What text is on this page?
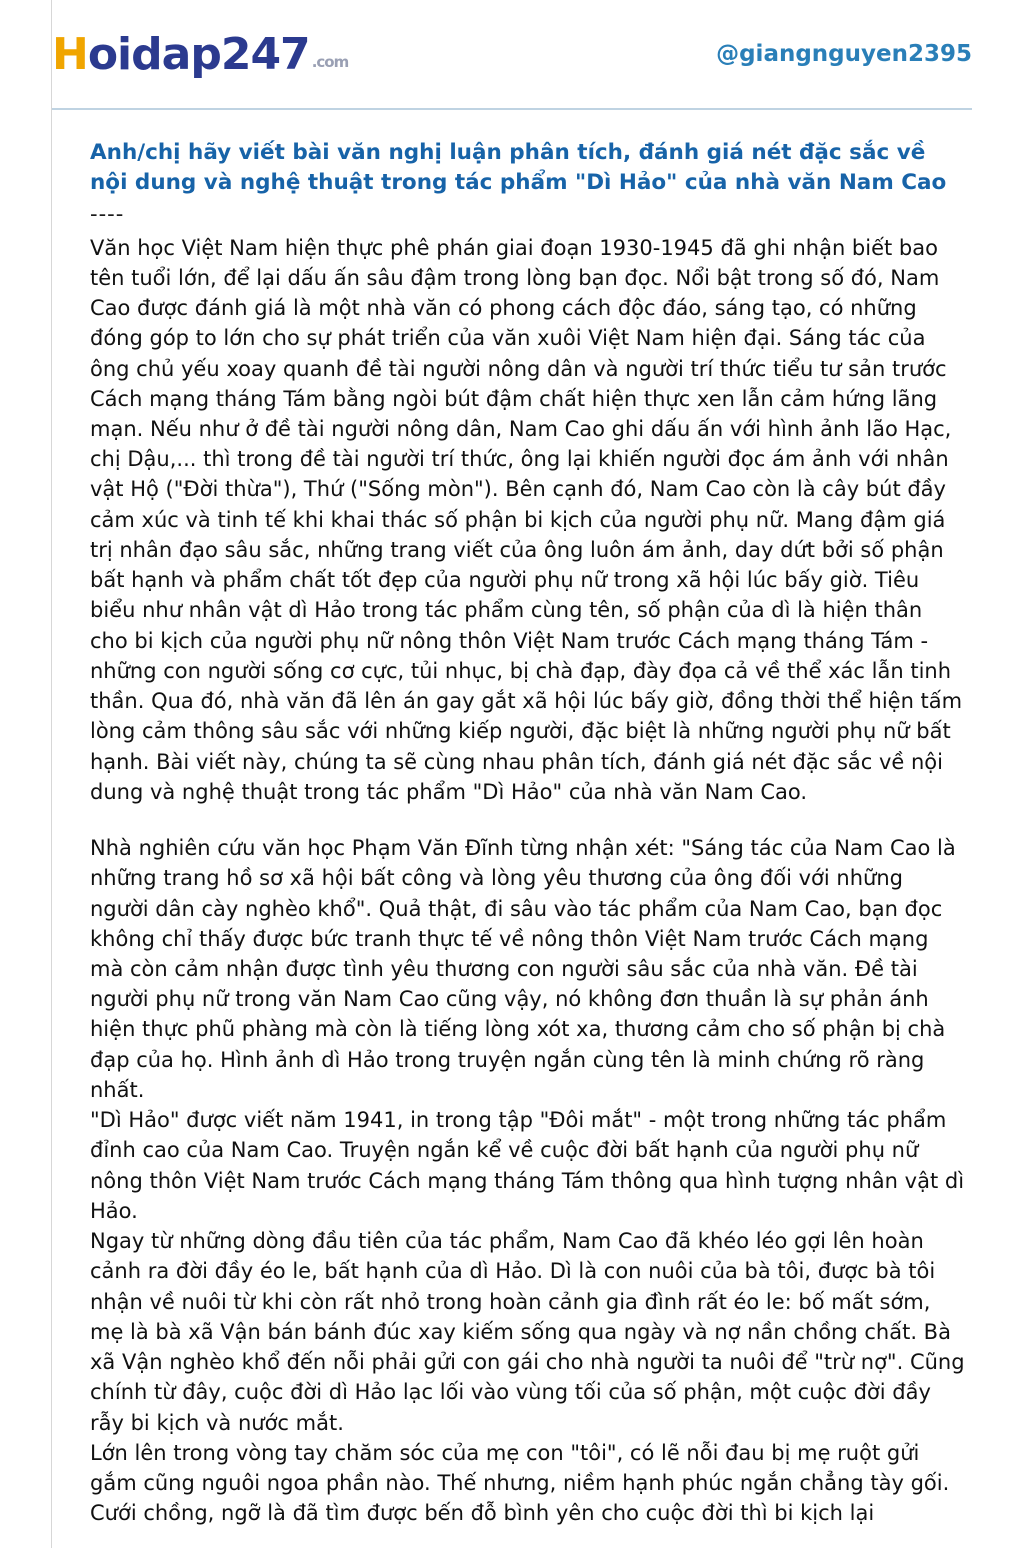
H oidap 247 .com	@giangnguyen2395
Anh/chị hãy viết bài văn nghị luận phân tích, đánh giá nét đặc sắc về nội dung và nghệ thuật trong tác phẩm "Dì Hảo" của nhà văn Nam Cao
----

Văn học Việt Nam hiện thực phê phán giai đoạn 1930-1945 đã ghi nhận biết bao tên tuổi lớn, để lại dấu ấn sâu đậm trong lòng bạn đọc. Nổi bật trong số đó, Nam Cao được đánh giá là một nhà văn có phong cách độc đáo, sáng tạo, có những đóng góp to lớn cho sự phát triển của văn xuôi Việt Nam hiện đại. Sáng tác của ông chủ yếu xoay quanh đề tài người nông dân và người trí thức tiểu tư sản trước Cách mạng tháng Tám bằng ngòi bút đậm chất hiện thực xen lẫn cảm hứng lãng mạn. Nếu như ở đề tài người nông dân, Nam Cao ghi dấu ấn với hình ảnh lão Hạc, chị Dậu,... thì trong đề tài người trí thức, ông lại khiến người đọc ám ảnh với nhân vật Hộ ("Đời thừa"), Thứ ("Sống mòn"). Bên cạnh đó, Nam Cao còn là cây bút đầy cảm xúc và tinh tế khi khai thác số phận bi kịch của người phụ nữ. Mang đậm giá trị nhân đạo sâu sắc, những trang viết của ông luôn ám ảnh, day dứt bởi số phận bất hạnh và phẩm chất tốt đẹp của người phụ nữ trong xã hội lúc bấy giờ. Tiêu biểu như nhân vật dì Hảo trong tác phẩm cùng tên, số phận của dì là hiện thân cho bi kịch của người phụ nữ nông thôn Việt Nam trước Cách mạng tháng Tám - những con người sống cơ cực, tủi nhục, bị chà đạp, đày đọa cả về thể xác lẫn tinh thần. Qua đó, nhà văn đã lên án gay gắt xã hội lúc bấy giờ, đồng thời thể hiện tấm lòng cảm thông sâu sắc với những kiếp người, đặc biệt là những người phụ nữ bất hạnh. Bài viết này, chúng ta sẽ cùng nhau phân tích, đánh giá nét đặc sắc về nội dung và nghệ thuật trong tác phẩm "Dì Hảo" của nhà văn Nam Cao.

Nhà nghiên cứu văn học Phạm Văn Đĩnh từng nhận xét: "Sáng tác của Nam Cao là những trang hồ sơ xã hội bất công và lòng yêu thương của ông đối với những người dân cày nghèo khổ". Quả thật, đi sâu vào tác phẩm của Nam Cao, bạn đọc không chỉ thấy được bức tranh thực tế về nông thôn Việt Nam trước Cách mạng mà còn cảm nhận được tình yêu thương con người sâu sắc của nhà văn. Đề tài người phụ nữ trong văn Nam Cao cũng vậy, nó không đơn thuần là sự phản ánh hiện thực phũ phàng mà còn là tiếng lòng xót xa, thương cảm cho số phận bị chà đạp của họ. Hình ảnh dì Hảo trong truyện ngắn cùng tên là minh chứng rõ ràng nhất.

"Dì Hảo" được viết năm 1941, in trong tập "Đôi mắt" - một trong những tác phẩm đỉnh cao của Nam Cao. Truyện ngắn kể về cuộc đời bất hạnh của người phụ nữ nông thôn Việt Nam trước Cách mạng tháng Tám thông qua hình tượng nhân vật dì Hảo.

Ngay từ những dòng đầu tiên của tác phẩm, Nam Cao đã khéo léo gợi lên hoàn cảnh ra đời đầy éo le, bất hạnh của dì Hảo. Dì là con nuôi của bà tôi, được bà tôi nhận về nuôi từ khi còn rất nhỏ trong hoàn cảnh gia đình rất éo le: bố mất sớm, mẹ là bà xã Vận bán bánh đúc xay kiếm sống qua ngày và nợ nần chồng chất. Bà xã Vận nghèo khổ đến nỗi phải gửi con gái cho nhà người ta nuôi để "trừ nợ". Cũng chính từ đây, cuộc đời dì Hảo lạc lối vào vùng tối của số phận, một cuộc đời đầy rẫy bi kịch và nước mắt.

Lớn lên trong vòng tay chăm sóc của mẹ con "tôi", có lẽ nỗi đau bị mẹ ruột gửi gắm cũng nguôi ngoa phần nào. Thế nhưng, niềm hạnh phúc ngắn chẳng tày gối. Cưới chồng, ngỡ là đã tìm được bến đỗ bình yên cho cuộc đời thì bi kịch lại
